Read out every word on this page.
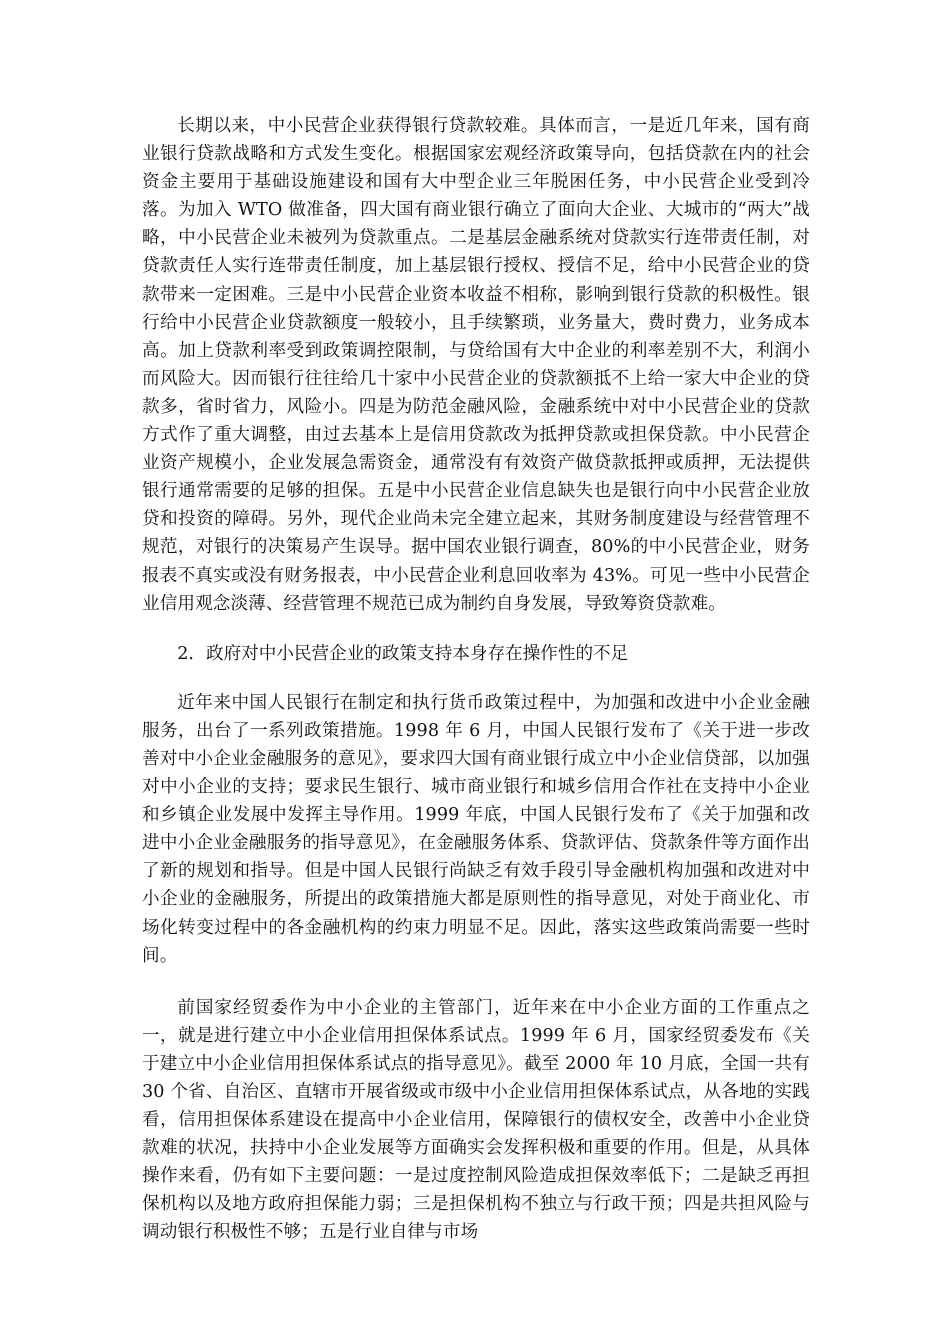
长期以来，中小民营企业获得银行贷款较难。具体而言，一是近几年来，国有商业银行贷款战略和方式发生变化。根据国家宏观经济政策导向，包括贷款在内的社会资金主要用于基础设施建设和国有大中型企业三年脱困任务，中小民营企业受到冷落。为加入 WTO 做准备，四大国有商业银行确立了面向大企业、大城市的“两大”战略，中小民营企业未被列为贷款重点。二是基层金融系统对贷款实行连带责任制，对贷款责任人实行连带责任制度，加上基层银行授权、授信不足，给中小民营企业的贷款带来一定困难。三是中小民营企业资本收益不相称，影响到银行贷款的积极性。银行给中小民营企业贷款额度一般较小，且手续繁琐，业务量大，费时费力，业务成本高。加上贷款利率受到政策调控限制，与贷给国有大中企业的利率差别不大，利润小而风险大。因而银行往往给几十家中小民营企业的贷款额抵不上给一家大中企业的贷款多，省时省力，风险小。四是为防范金融风险，金融系统中对中小民营企业的贷款方式作了重大调整，由过去基本上是信用贷款改为抵押贷款或担保贷款。中小民营企业资产规模小，企业发展急需资金，通常没有有效资产做贷款抵押或质押，无法提供银行通常需要的足够的担保。五是中小民营企业信息缺失也是银行向中小民营企业放贷和投资的障碍。另外，现代企业尚未完全建立起来，其财务制度建设与经营管理不规范，对银行的决策易产生误导。据中国农业银行调查，80%的中小民营企业，财务报表不真实或没有财务报表，中小民营企业利息回收率为 43%。可见一些中小民营企业信用观念淡薄、经营管理不规范已成为制约自身发展，导致筹资贷款难。

2．政府对中小民营企业的政策支持本身存在操作性的不足

近年来中国人民银行在制定和执行货币政策过程中，为加强和改进中小企业金融服务，出台了一系列政策措施。1998 年 6 月，中国人民银行发布了《关于进一步改善对中小企业金融服务的意见》，要求四大国有商业银行成立中小企业信贷部，以加强对中小企业的支持；要求民生银行、城市商业银行和城乡信用合作社在支持中小企业和乡镇企业发展中发挥主导作用。1999 年底，中国人民银行发布了《关于加强和改进中小企业金融服务的指导意见》，在金融服务体系、贷款评估、贷款条件等方面作出了新的规划和指导。但是中国人民银行尚缺乏有效手段引导金融机构加强和改进对中小企业的金融服务，所提出的政策措施大都是原则性的指导意见，对处于商业化、市场化转变过程中的各金融机构的约束力明显不足。因此，落实这些政策尚需要一些时间。

前国家经贸委作为中小企业的主管部门，近年来在中小企业方面的工作重点之一，就是进行建立中小企业信用担保体系试点。1999 年 6 月，国家经贸委发布《关于建立中小企业信用担保体系试点的指导意见》。截至 2000 年 10 月底，全国一共有 30 个省、自治区、直辖市开展省级或市级中小企业信用担保体系试点，从各地的实践看，信用担保体系建设在提高中小企业信用，保障银行的债权安全，改善中小企业贷款难的状况，扶持中小企业发展等方面确实会发挥积极和重要的作用。但是，从具体操作来看，仍有如下主要问题：一是过度控制风险造成担保效率低下；二是缺乏再担保机构以及地方政府担保能力弱；三是担保机构不独立与行政干预；四是共担风险与调动银行积极性不够；五是行业自律与市场
